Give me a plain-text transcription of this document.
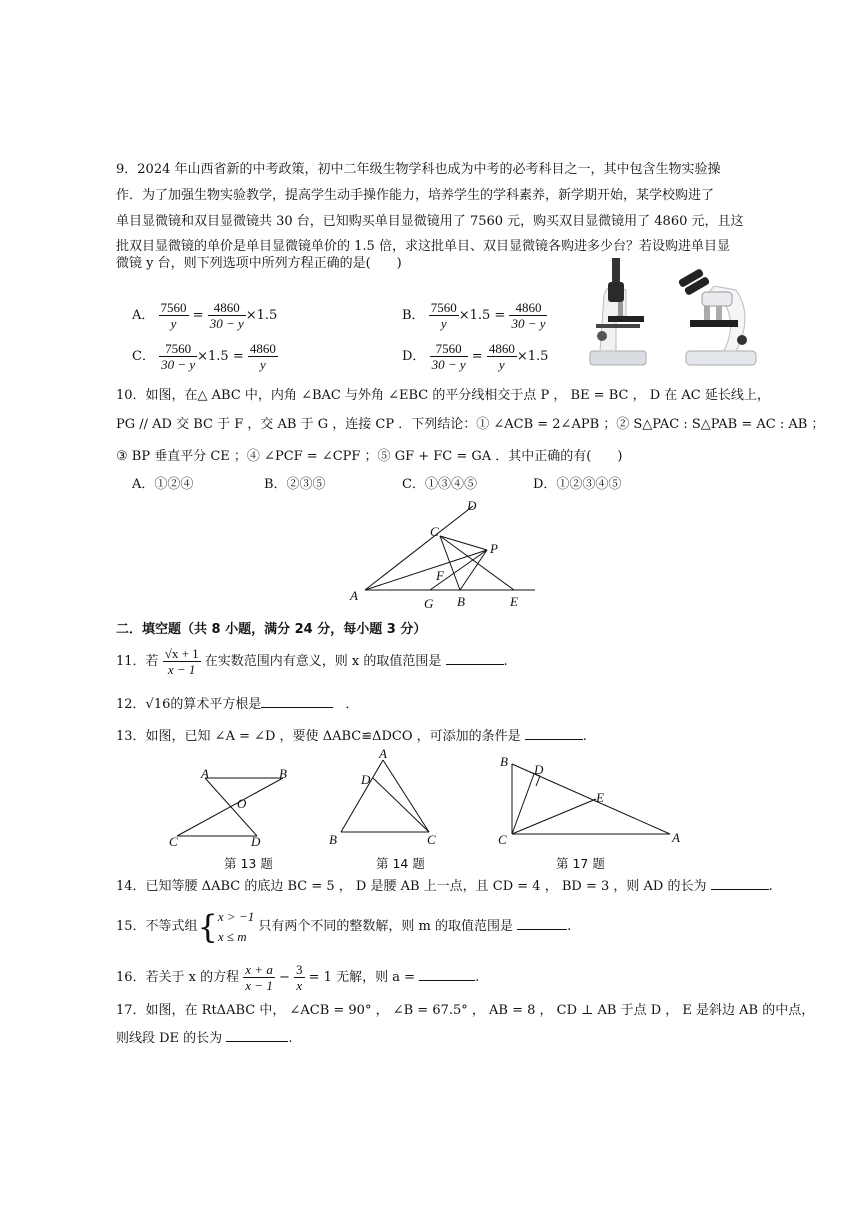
9．2024 年山西省新的中考政策，初中二年级生物学科也成为中考的必考科目之一，其中包含生物实验操
作．为了加强生物实验教学，提高学生动手操作能力，培养学生的学科素养，新学期开始，某学校购进了
单目显微镜和双目显微镜共 30 台，已知购买单目显微镜用了 7560 元，购买双目显微镜用了 4860 元，且这
批双目显微镜的单价是单目显微镜单价的 1.5 倍，求这批单目、双目显微镜各购进多少台？若设购进单目显
微镜 y 台，则下列选项中所列方程正确的是(　　)
A． $\frac{7560}{y} = \frac{4860}{30 - y} \times 1.5$	B． $\frac{7560}{y} \times 1.5 = \frac{4860}{30 - y}$
C． $\frac{7560}{30 - y} \times 1.5 = \frac{4860}{y}$	D． $\frac{7560}{30 - y} = \frac{4860}{y} \times 1.5$
10．如图，在△ ABC 中，内角 ∠BAC 与外角 ∠EBC 的平分线相交于点 P ， BE = BC ， D 在 AC 延长线上，
PG // AD 交 BC 于 F ，交 AB 于 G ，连接 CP ．下列结论：① ∠ACB = 2∠APB ；② S△PAC : S△PAB = AC : AB ；
③ BP 垂直平分 CE ；④ ∠PCF = ∠CPF ；⑤ GF + FC = GA ．其中正确的有(　　)
A．①②④	B．②③⑤	C．①③④⑤	D．①②③④⑤
D
C
P
F
A
G B	E
二．填空题（共 8 小题，满分 24 分，每小题 3 分）
11．若 $\frac{√x + 1}{x - 1}$ 在实数范围内有意义，则 x 的取值范围是	.
12．√16的算术平方根是	．
13．如图，已知 ∠A = ∠D ，要使 ΔABC≌ΔDCO ，可添加的条件是	.
A	B
O
C	D
第 13 题
A
D
B	C
第 14 题
B
D
E
C	A
第 17 题
14．已知等腰 ΔABC 的底边 BC = 5 ， D 是腰 AB 上一点，且 CD = 4 ， BD = 3 ，则 AD 的长为	.
15．不等式组{ x > −1
x ≤ m
只有两个不同的整数解，则 m 的取值范围是	.
16．若关于 x 的方程 $\frac{x + a}{x - 1} - \frac{3}{x} = 1$ 无解，则 a =	.
17．如图，在 RtΔABC 中， ∠ACB = 90° ， ∠B = 67.5° ， AB = 8 ， CD ⊥ AB 于点 D ， E 是斜边 AB 的中点，
则线段 DE 的长为	.
